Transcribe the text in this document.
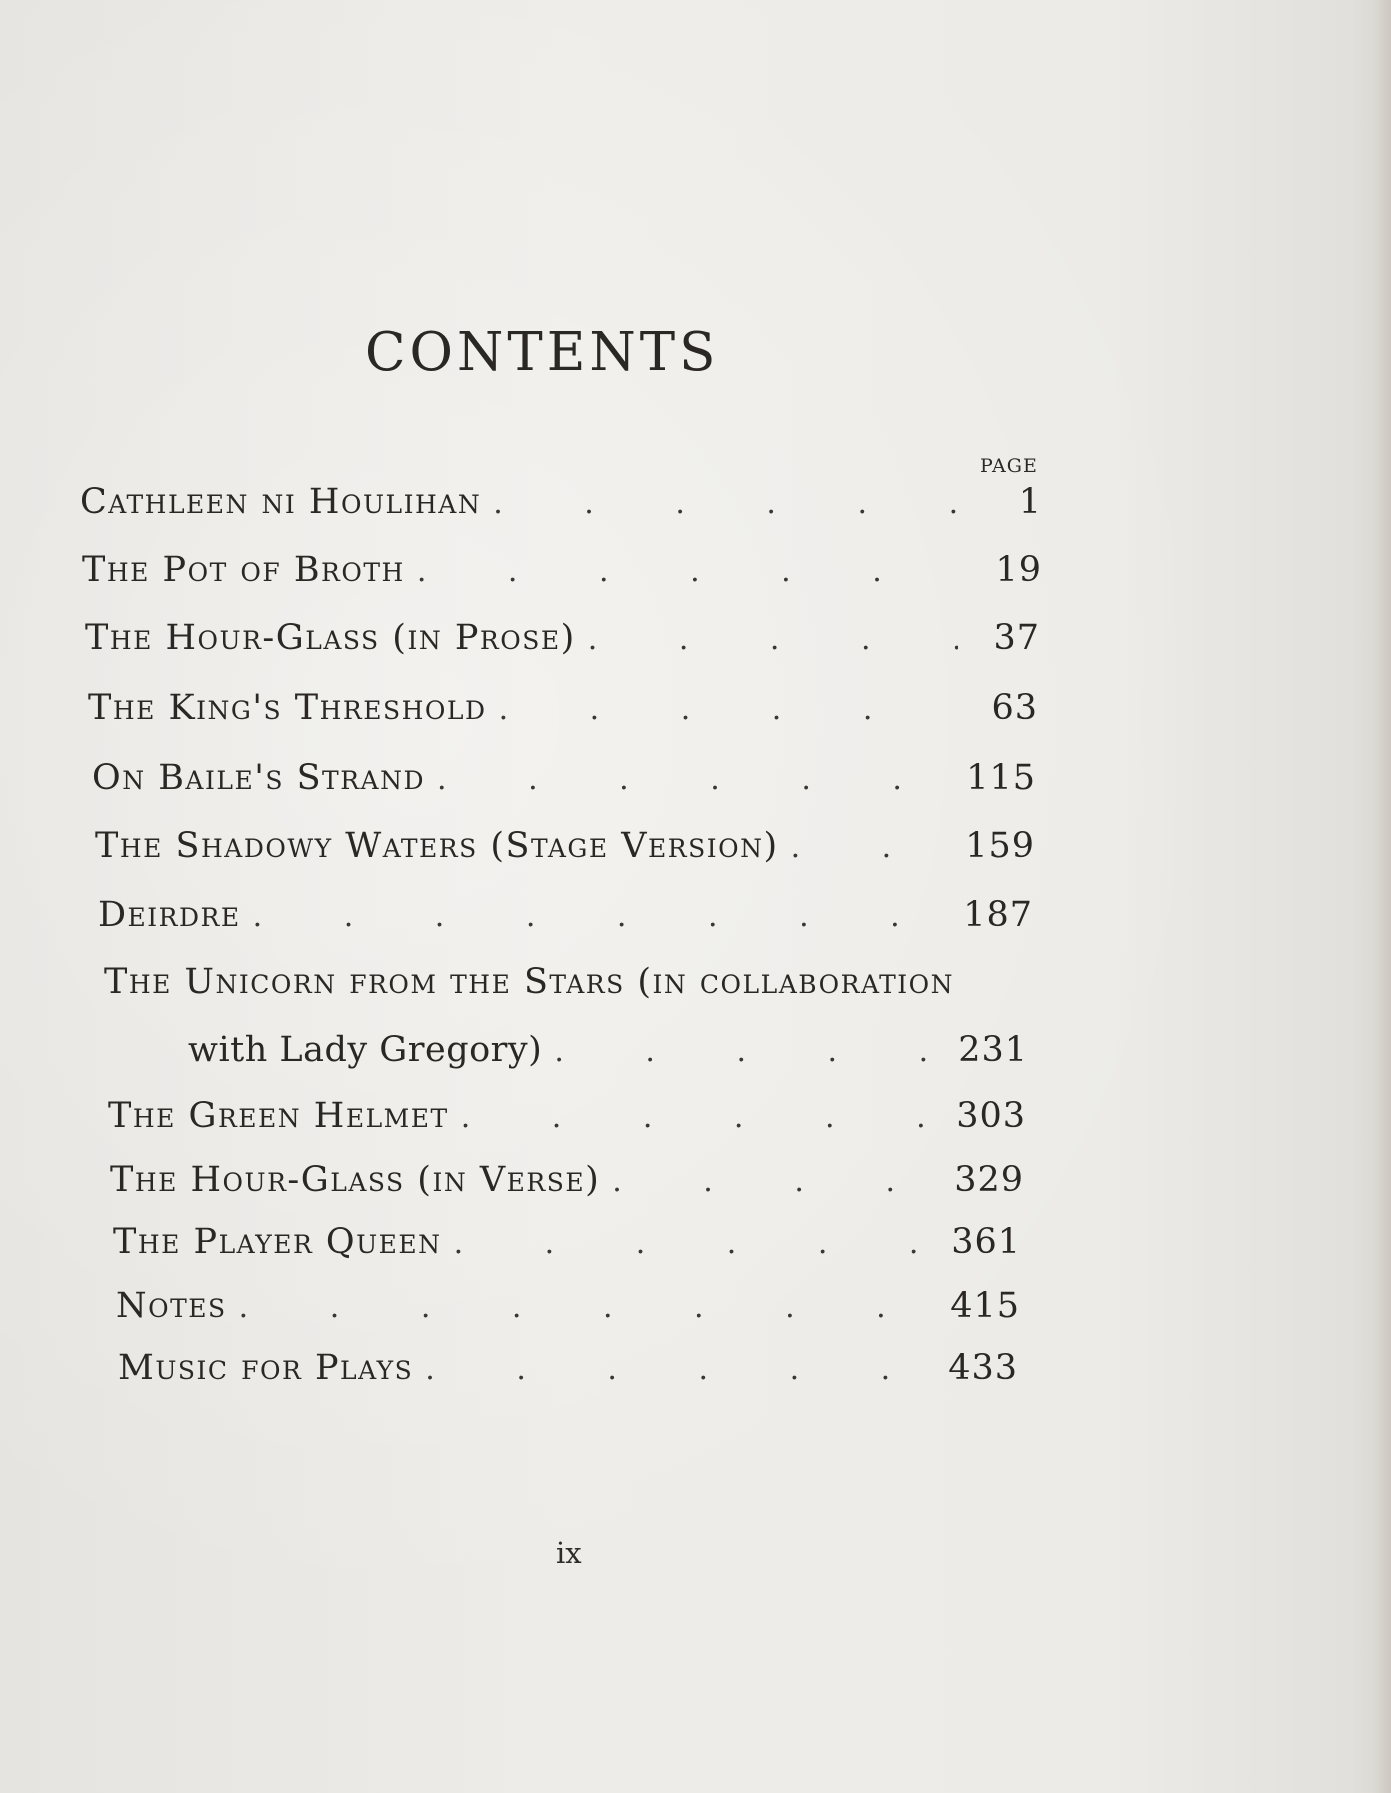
CONTENTS
PAGE
Cathleen ni Houlihan . . .	1
The Pot of Broth . . .	19
The Hour-Glass (in Prose) . . .	37
The King's Threshold . . .	63
On Baile's Strand . . .	115
The Shadowy Waters (Stage Version) . . .	159
Deirdre . . .	187
The Unicorn from the Stars (in collaboration
with Lady Gregory) . . .	231
The Green Helmet . . .	303
The Hour-Glass (in Verse) . . .	329
The Player Queen . . .	361
Notes . . .	415
Music for Plays . . .	433
ix
